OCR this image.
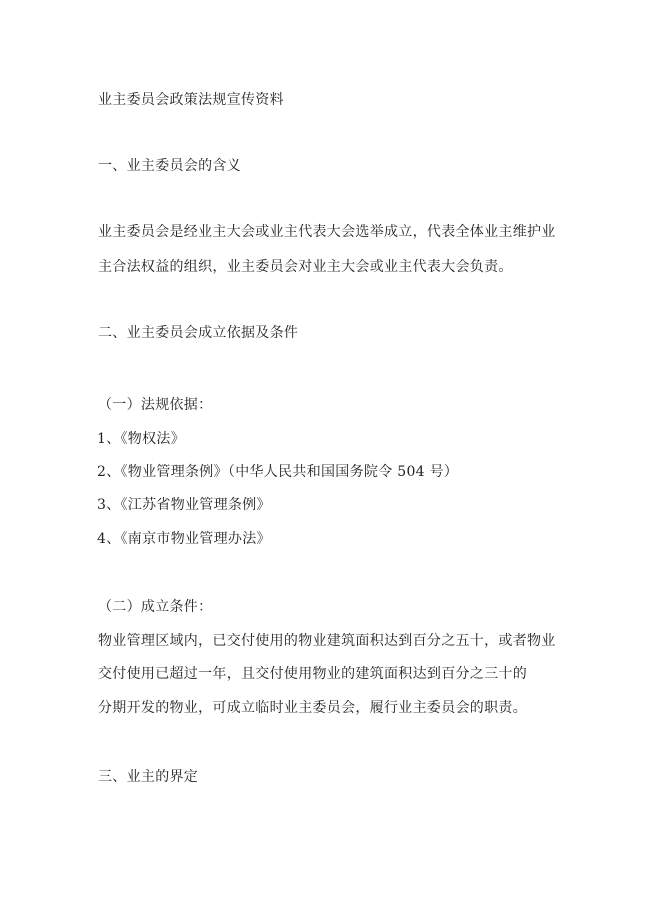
业主委员会政策法规宣传资料
一、业主委员会的含义
业主委员会是经业主大会或业主代表大会选举成立，代表全体业主维护业
主合法权益的组织，业主委员会对业主大会或业主代表大会负责。
二、业主委员会成立依据及条件
（一）法规依据：
1、《物权法》
2、《物业管理条例》（中华人民共和国国务院令 504 号）
3、《江苏省物业管理条例》
4、《南京市物业管理办法》
（二）成立条件：
物业管理区域内，已交付使用的物业建筑面积达到百分之五十，或者物业
交付使用已超过一年，且交付使用物业的建筑面积达到百分之三十的
分期开发的物业，可成立临时业主委员会，履行业主委员会的职责。
三、业主的界定
